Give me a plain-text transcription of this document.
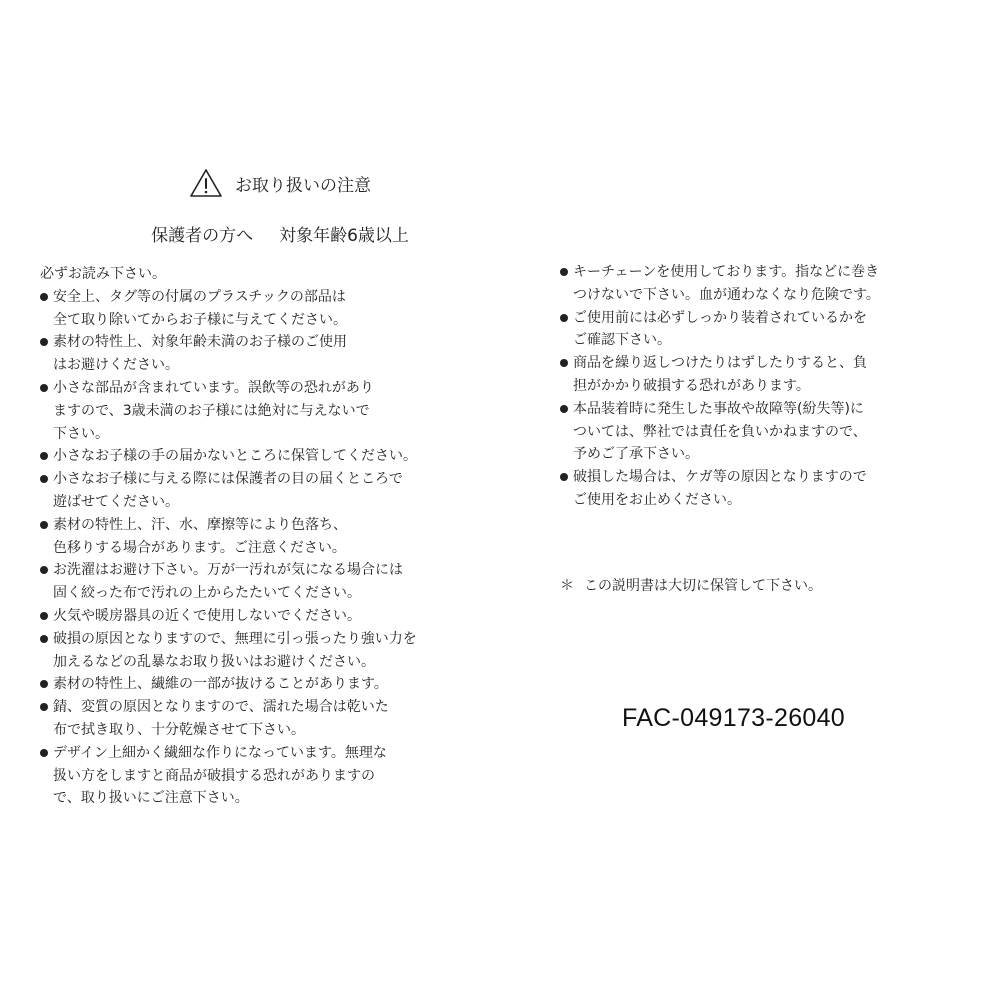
お取り扱いの注意
保護者の方へ 対象年齢6歳以上
必ずお読み下さい。
安全上、タグ等の付属のプラスチックの部品は
全て取り除いてからお子様に与えてください。
素材の特性上、対象年齢未満のお子様のご使用
はお避けください。
小さな部品が含まれています。誤飲等の恐れがあり
ますので、3歳未満のお子様には絶対に与えないで
下さい。
小さなお子様の手の届かないところに保管してください。
小さなお子様に与える際には保護者の目の届くところで
遊ばせてください。
素材の特性上、汗、水、摩擦等により色落ち、
色移りする場合があります。ご注意ください。
お洗濯はお避け下さい。万が一汚れが気になる場合には
固く絞った布で汚れの上からたたいてください。
火気や暖房器具の近くで使用しないでください。
破損の原因となりますので、無理に引っ張ったり強い力を
加えるなどの乱暴なお取り扱いはお避けください。
素材の特性上、繊維の一部が抜けることがあります。
錆、変質の原因となりますので、濡れた場合は乾いた
布で拭き取り、十分乾燥させて下さい。
デザイン上細かく繊細な作りになっています。無理な
扱い方をしますと商品が破損する恐れがありますの
で、取り扱いにご注意下さい。
キーチェーンを使用しております。指などに巻き
つけないで下さい。血が通わなくなり危険です。
ご使用前には必ずしっかり装着されているかを
ご確認下さい。
商品を繰り返しつけたりはずしたりすると、負
担がかかり破損する恐れがあります。
本品装着時に発生した事故や故障等(紛失等)に
ついては、弊社では責任を負いかねますので、
予めご了承下さい。
破損した場合は、ケガ等の原因となりますので
ご使用をお止めください。
＊ この説明書は大切に保管して下さい。
FAC-049173-26040
